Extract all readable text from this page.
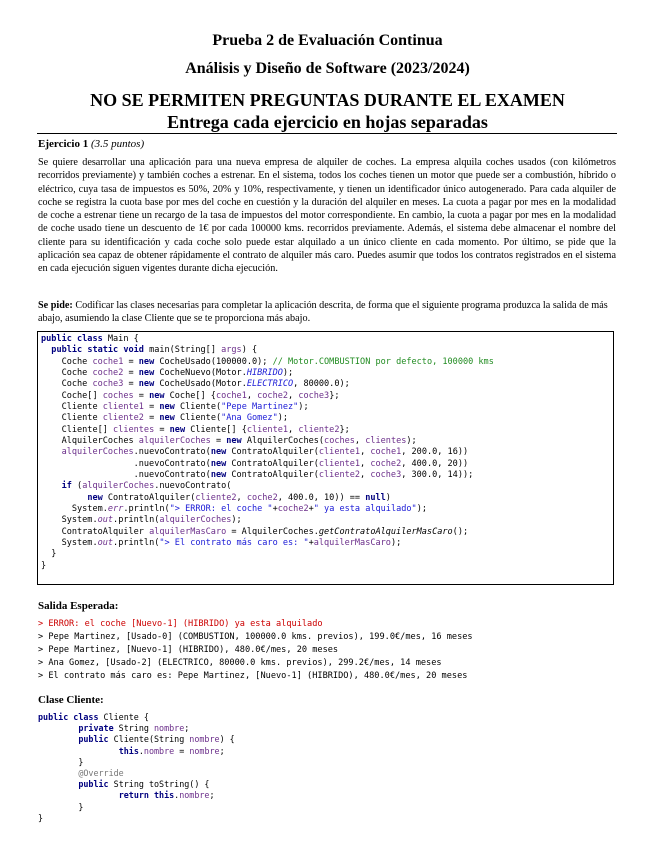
Prueba 2 de Evaluación Continua
Análisis y Diseño de Software (2023/2024)
NO SE PERMITEN PREGUNTAS DURANTE EL EXAMEN
Entrega cada ejercicio en hojas separadas
Ejercicio 1 (3.5 puntos)
Se quiere desarrollar una aplicación para una nueva empresa de alquiler de coches. La empresa alquila coches usados (con kilómetros recorridos previamente) y también coches a estrenar. En el sistema, todos los coches tienen un motor que puede ser a combustión, híbrido o eléctrico, cuya tasa de impuestos es 50%, 20% y 10%, respectivamente, y tienen un identificador único autogenerado. Para cada alquiler de coche se registra la cuota base por mes del coche en cuestión y la duración del alquiler en meses. La cuota a pagar por mes en la modalidad de coche a estrenar tiene un recargo de la tasa de impuestos del motor correspondiente. En cambio, la cuota a pagar por mes en la modalidad de coche usado tiene un descuento de 1€ por cada 100000 kms. recorridos previamente. Además, el sistema debe almacenar el nombre del cliente para su identificación y cada coche solo puede estar alquilado a un único cliente en cada momento. Por último, se pide que la aplicación sea capaz de obtener rápidamente el contrato de alquiler más caro. Puedes asumir que todos los contratos registrados en el sistema en cada ejecución siguen vigentes durante dicha ejecución.
Se pide: Codificar las clases necesarias para completar la aplicación descrita, de forma que el siguiente programa produzca la salida de más abajo, asumiendo la clase Cliente que se te proporciona más abajo.
public class Main {
public static void main(String[] args) {
Coche coche1 = new CocheUsado(100000.0); // Motor.COMBUSTION por defecto, 100000 kms
Coche coche2 = new CocheNuevo(Motor.HIBRIDO);
Coche coche3 = new CocheUsado(Motor.ELECTRICO, 80000.0);
Coche[] coches = new Coche[] {coche1, coche2, coche3};
Cliente cliente1 = new Cliente("Pepe Martinez");
Cliente cliente2 = new Cliente("Ana Gomez");
Cliente[] clientes = new Cliente[] {cliente1, cliente2};
AlquilerCoches alquilerCoches = new AlquilerCoches(coches, clientes);
alquilerCoches.nuevoContrato(new ContratoAlquiler(cliente1, coche1, 200.0, 16))
.nuevoContrato(new ContratoAlquiler(cliente1, coche2, 400.0, 20))
.nuevoContrato(new ContratoAlquiler(cliente2, coche3, 300.0, 14));
if (alquilerCoches.nuevoContrato(
new ContratoAlquiler(cliente2, coche2, 400.0, 10)) == null)
System.err.println("> ERROR: el coche "+coche2+" ya esta alquilado");
System.out.println(alquilerCoches);
ContratoAlquiler alquilerMasCaro = AlquilerCoches.getContratoAlquilerMasCaro();
System.out.println("> El contrato más caro es: "+alquilerMasCaro);
}
}
Salida Esperada:
> ERROR: el coche [Nuevo-1] (HIBRIDO) ya esta alquilado
> Pepe Martinez, [Usado-0] (COMBUSTION, 100000.0 kms. previos), 199.0€/mes, 16 meses
> Pepe Martinez, [Nuevo-1] (HIBRIDO), 480.0€/mes, 20 meses
> Ana Gomez, [Usado-2] (ELECTRICO, 80000.0 kms. previos), 299.2€/mes, 14 meses
> El contrato más caro es: Pepe Martinez, [Nuevo-1] (HIBRIDO), 480.0€/mes, 20 meses
Clase Cliente:
public class Cliente {
private String nombre;
public Cliente(String nombre) {
this.nombre = nombre;
}
@Override
public String toString() {
return this.nombre;
}
}
